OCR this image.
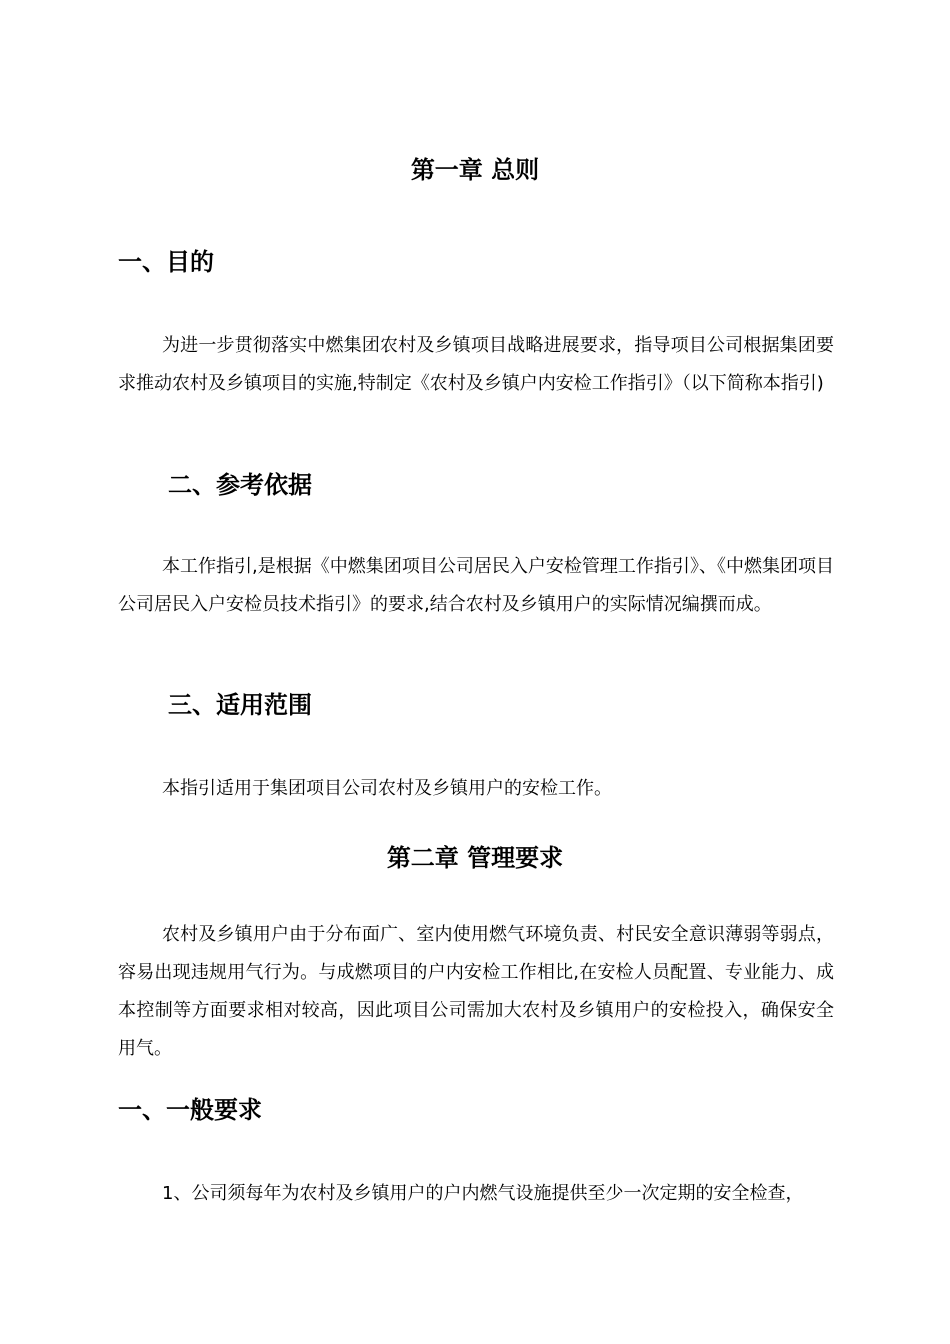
第一章 总则
一、目的

为进一步贯彻落实中燃集团农村及乡镇项目战略进展要求，指导项目公司根据集团要求推动农村及乡镇项目的实施,特制定《农村及乡镇户内安检工作指引》（以下简称本指引)

二、参考依据

本工作指引,是根据《中燃集团项目公司居民入户安检管理工作指引》、《中燃集团项目公司居民入户安检员技术指引》的要求,结合农村及乡镇用户的实际情况编撰而成。

三、适用范围

本指引适用于集团项目公司农村及乡镇用户的安检工作。

第二章 管理要求

农村及乡镇用户由于分布面广、室内使用燃气环境负责、村民安全意识薄弱等弱点，容易出现违规用气行为。与成燃项目的户内安检工作相比,在安检人员配置、专业能力、成本控制等方面要求相对较高，因此项目公司需加大农村及乡镇用户的安检投入，确保安全用气。

一、一般要求

1、公司须每年为农村及乡镇用户的户内燃气设施提供至少一次定期的安全检查，
